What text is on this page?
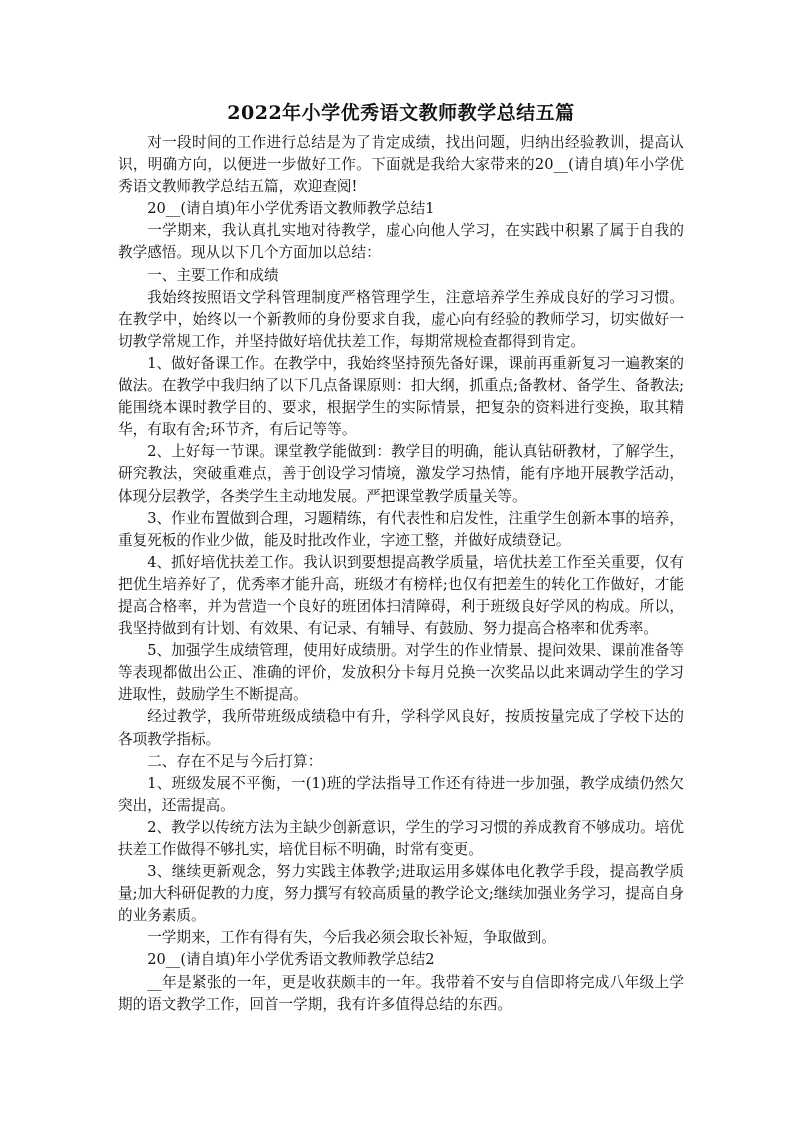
2022年小学优秀语文教师教学总结五篇

对一段时间的工作进行总结是为了肯定成绩，找出问题，归纳出经验教训，提高认识，明确方向，以便进一步做好工作。下面就是我给大家带来的20__(请自填)年小学优秀语文教师教学总结五篇，欢迎查阅!

20__(请自填)年小学优秀语文教师教学总结1

一学期来，我认真扎实地对待教学，虚心向他人学习，在实践中积累了属于自我的教学感悟。现从以下几个方面加以总结：

一、主要工作和成绩

我始终按照语文学科管理制度严格管理学生，注意培养学生养成良好的学习习惯。在教学中，始终以一个新教师的身份要求自我，虚心向有经验的教师学习，切实做好一切教学常规工作，并坚持做好培优扶差工作，每期常规检查都得到肯定。

1、做好备课工作。在教学中，我始终坚持预先备好课，课前再重新复习一遍教案的做法。在教学中我归纳了以下几点备课原则：扣大纲，抓重点;备教材、备学生、备教法;能围绕本课时教学目的、要求，根据学生的实际情景，把复杂的资料进行变换，取其精华，有取有舍;环节齐，有后记等等。

2、上好每一节课。课堂教学能做到：教学目的明确，能认真钻研教材，了解学生，研究教法，突破重难点，善于创设学习情境，激发学习热情，能有序地开展教学活动，体现分层教学，各类学生主动地发展。严把课堂教学质量关等。

3、作业布置做到合理，习题精练，有代表性和启发性，注重学生创新本事的培养，重复死板的作业少做，能及时批改作业，字迹工整，并做好成绩登记。

4、抓好培优扶差工作。我认识到要想提高教学质量，培优扶差工作至关重要，仅有把优生培养好了，优秀率才能升高，班级才有榜样;也仅有把差生的转化工作做好，才能提高合格率，并为营造一个良好的班团体扫清障碍，利于班级良好学风的构成。所以，我坚持做到有计划、有效果、有记录、有辅导、有鼓励、努力提高合格率和优秀率。

5、加强学生成绩管理，使用好成绩册。对学生的作业情景、提问效果、课前准备等等表现都做出公正、准确的评价，发放积分卡每月兑换一次奖品以此来调动学生的学习进取性，鼓励学生不断提高。

经过教学，我所带班级成绩稳中有升，学科学风良好，按质按量完成了学校下达的各项教学指标。

二、存在不足与今后打算：

1、班级发展不平衡，一(1)班的学法指导工作还有待进一步加强，教学成绩仍然欠突出，还需提高。

2、教学以传统方法为主缺少创新意识，学生的学习习惯的养成教育不够成功。培优扶差工作做得不够扎实，培优目标不明确，时常有变更。

3、继续更新观念，努力实践主体教学;进取运用多媒体电化教学手段，提高教学质量;加大科研促教的力度，努力撰写有较高质量的教学论文;继续加强业务学习，提高自身的业务素质。

一学期来，工作有得有失，今后我必须会取长补短，争取做到。

20__(请自填)年小学优秀语文教师教学总结2

__年是紧张的一年，更是收获颇丰的一年。我带着不安与自信即将完成八年级上学期的语文教学工作，回首一学期，我有许多值得总结的东西。
